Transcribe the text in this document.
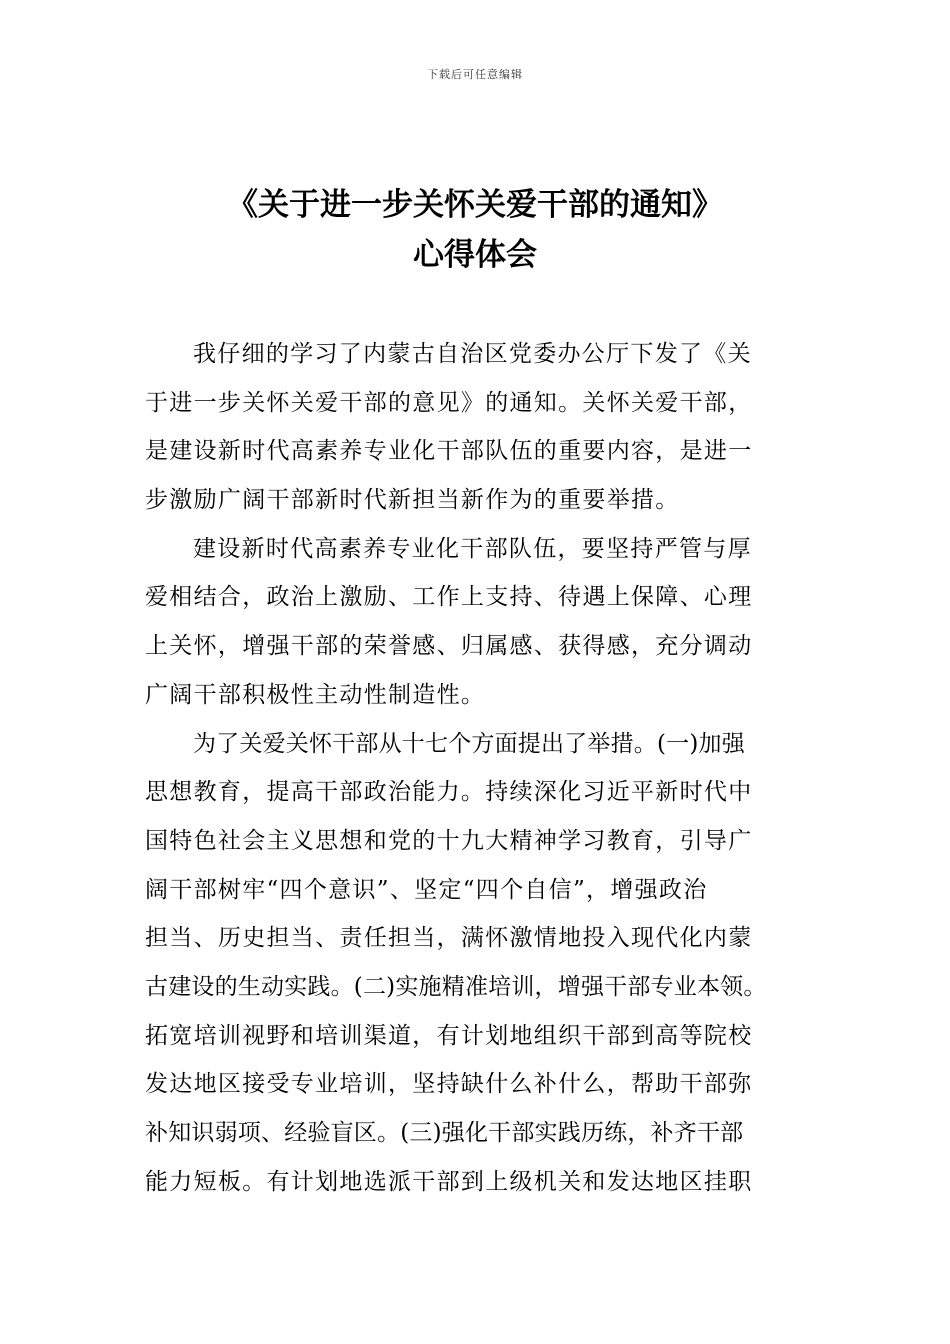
下载后可任意编辑
《关于进一步关怀关爱干部的通知》
心得体会
我仔细的学习了内蒙古自治区党委办公厅下发了《关
于进一步关怀关爱干部的意见》的通知。关怀关爱干部，
是建设新时代高素养专业化干部队伍的重要内容，是进一
步激励广阔干部新时代新担当新作为的重要举措。
建设新时代高素养专业化干部队伍，要坚持严管与厚
爱相结合，政治上激励、工作上支持、待遇上保障、心理
上关怀，增强干部的荣誉感、归属感、获得感，充分调动
广阔干部积极性主动性制造性。
为了关爱关怀干部从十七个方面提出了举措。(一)加强
思想教育，提高干部政治能力。持续深化习近平新时代中
国特色社会主义思想和党的十九大精神学习教育，引导广
阔干部树牢“四个意识”、坚定“四个自信”，增强政治
担当、历史担当、责任担当，满怀激情地投入现代化内蒙
古建设的生动实践。(二)实施精准培训，增强干部专业本领。
拓宽培训视野和培训渠道，有计划地组织干部到高等院校
发达地区接受专业培训，坚持缺什么补什么，帮助干部弥
补知识弱项、经验盲区。(三)强化干部实践历练，补齐干部
能力短板。有计划地选派干部到上级机关和发达地区挂职
